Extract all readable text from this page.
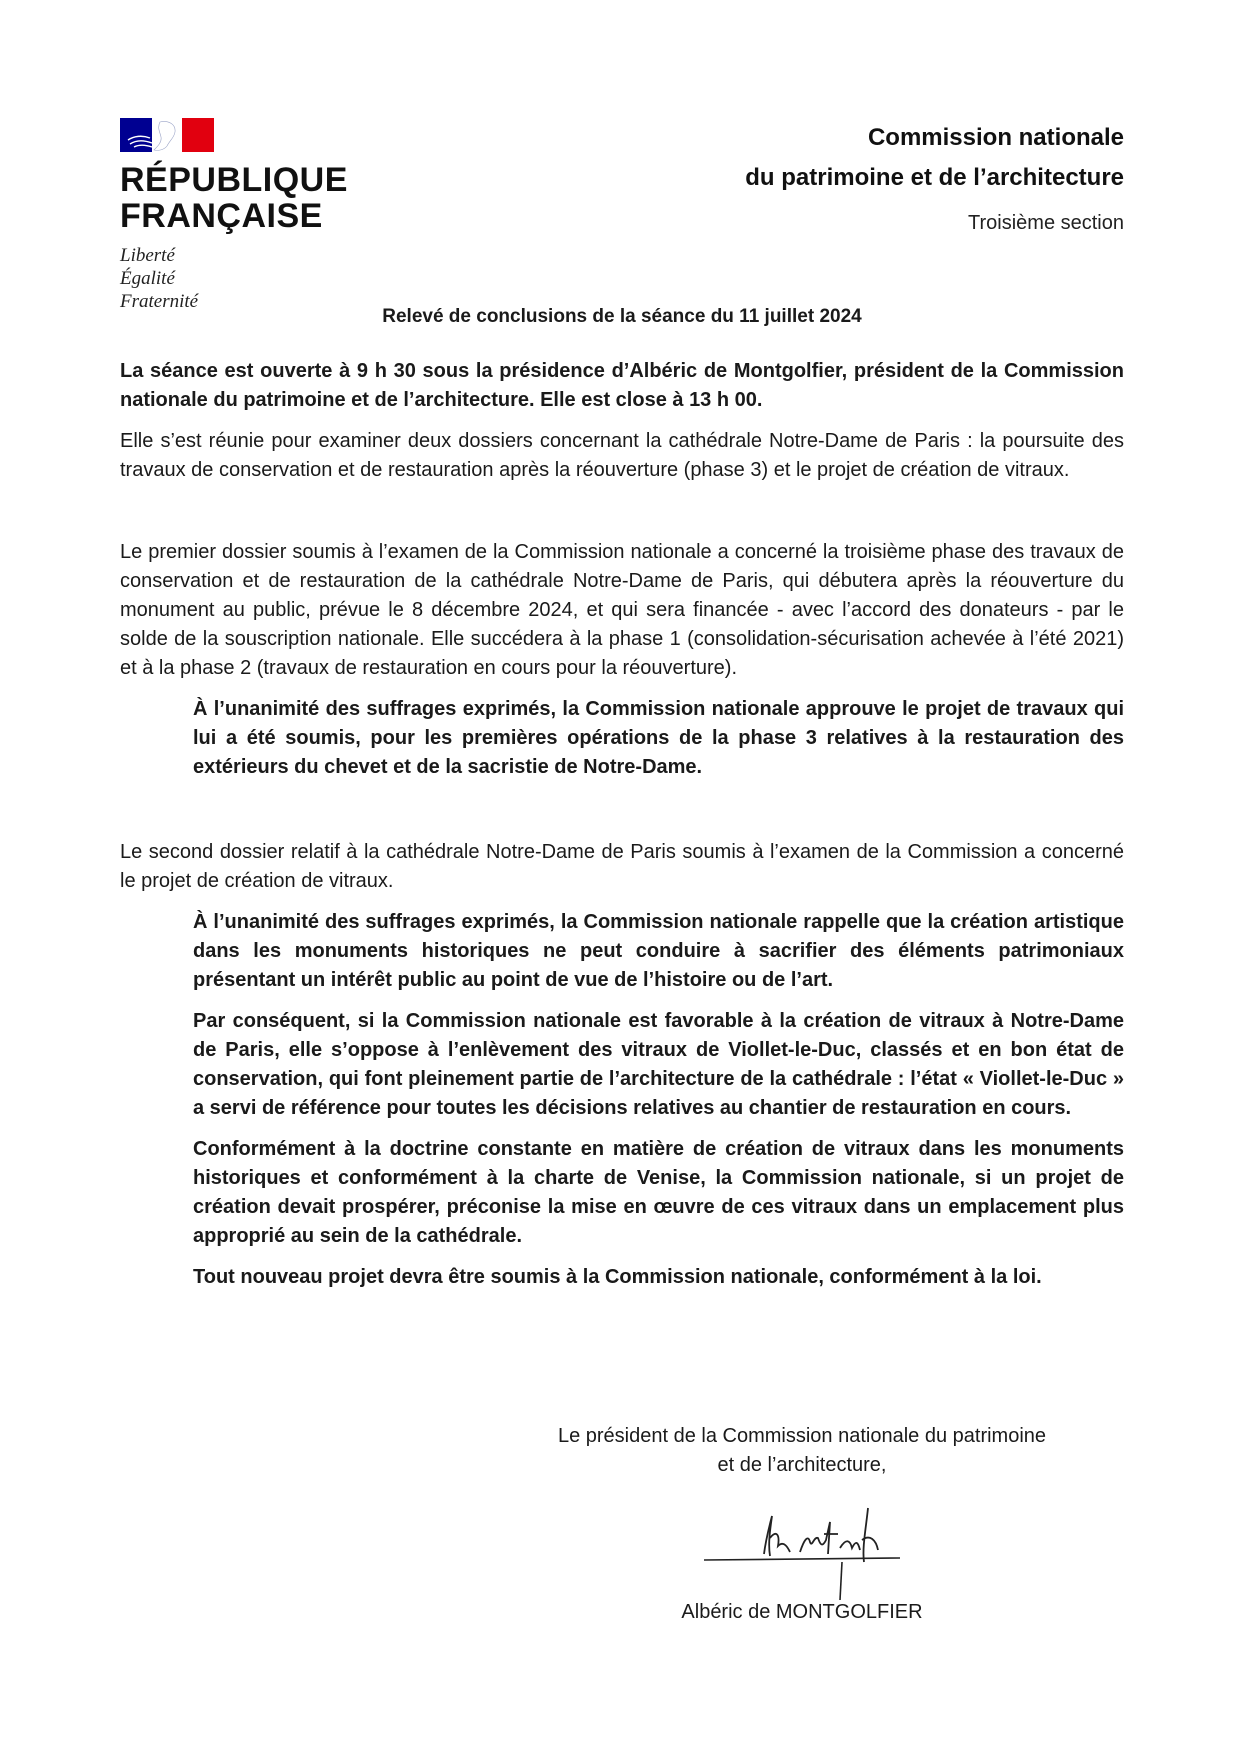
RÉPUBLIQUE
FRANÇAISE
Liberté
Égalité
Fraternité
Commission nationale
du patrimoine et de l’architecture
Troisième section
Relevé de conclusions de la séance du 11 juillet 2024

La séance est ouverte à 9 h 30 sous la présidence d’Albéric de Montgolfier, président de la Commission nationale du patrimoine et de l’architecture. Elle est close à 13 h 00.

Elle s’est réunie pour examiner deux dossiers concernant la cathédrale Notre-Dame de Paris : la poursuite des travaux de conservation et de restauration après la réouverture (phase 3) et le projet de création de vitraux.

Le premier dossier soumis à l’examen de la Commission nationale a concerné la troisième phase des travaux de conservation et de restauration de la cathédrale Notre-Dame de Paris, qui débutera après la réouverture du monument au public, prévue le 8 décembre 2024, et qui sera financée - avec l’accord des donateurs - par le solde de la souscription nationale. Elle succédera à la phase 1 (consolidation-sécurisation achevée à l’été 2021) et à la phase 2 (travaux de restauration en cours pour la réouverture).

À l’unanimité des suffrages exprimés, la Commission nationale approuve le projet de travaux qui lui a été soumis, pour les premières opérations de la phase 3 relatives à la restauration des extérieurs du chevet et de la sacristie de Notre-Dame.

Le second dossier relatif à la cathédrale Notre-Dame de Paris soumis à l’examen de la Commission a concerné le projet de création de vitraux.

À l’unanimité des suffrages exprimés, la Commission nationale rappelle que la création artistique dans les monuments historiques ne peut conduire à sacrifier des éléments patrimoniaux présentant un intérêt public au point de vue de l’histoire ou de l’art.

Par conséquent, si la Commission nationale est favorable à la création de vitraux à Notre-Dame de Paris, elle s’oppose à l’enlèvement des vitraux de Viollet-le-Duc, classés et en bon état de conservation, qui font pleinement partie de l’architecture de la cathédrale : l’état « Viollet-le-Duc » a servi de référence pour toutes les décisions relatives au chantier de restauration en cours.

Conformément à la doctrine constante en matière de création de vitraux dans les monuments historiques et conformément à la charte de Venise, la Commission nationale, si un projet de création devait prospérer, préconise la mise en œuvre de ces vitraux dans un emplacement plus approprié au sein de la cathédrale.

Tout nouveau projet devra être soumis à la Commission nationale, conformément à la loi.

Le président de la Commission nationale du patrimoine

et de l’architecture,

Albéric de MONTGOLFIER
